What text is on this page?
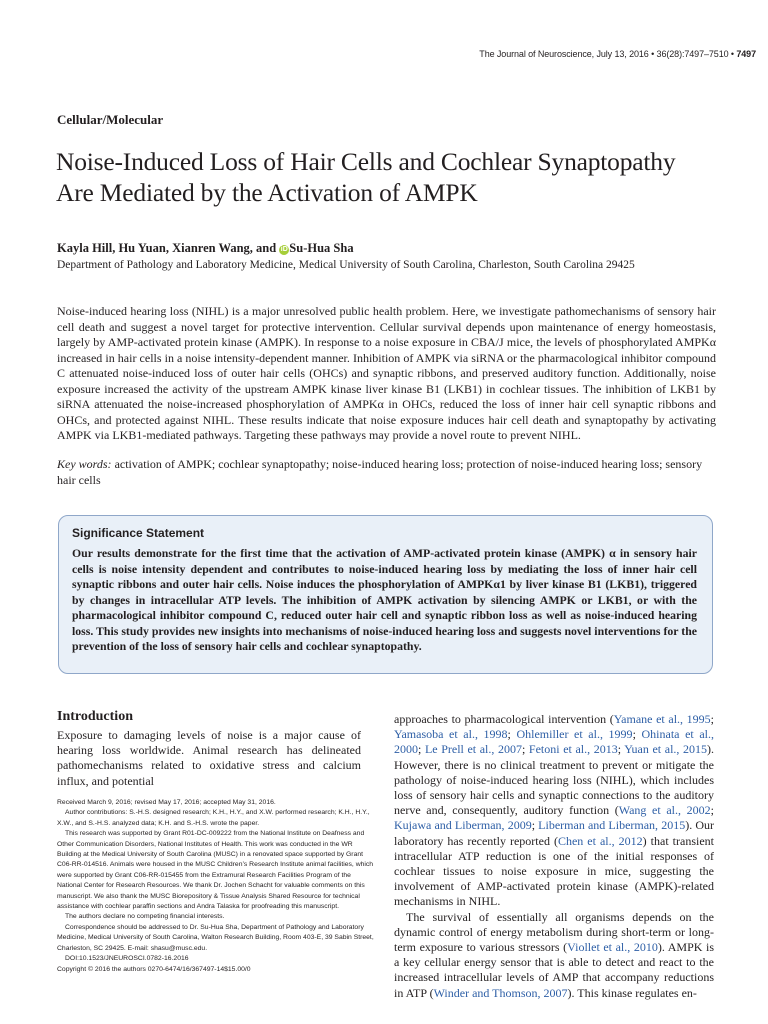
The Journal of Neuroscience, July 13, 2016 • 36(28):7497–7510 • 7497
Cellular/Molecular
Noise-Induced Loss of Hair Cells and Cochlear Synaptopathy
Are Mediated by the Activation of AMPK
Kayla Hill, Hu Yuan, Xianren Wang, and iD Su-Hua Sha
Department of Pathology and Laboratory Medicine, Medical University of South Carolina, Charleston, South Carolina 29425

Noise-induced hearing loss (NIHL) is a major unresolved public health problem. Here, we investigate pathomechanisms of sensory hair cell death and suggest a novel target for protective intervention. Cellular survival depends upon maintenance of energy homeostasis, largely by AMP-activated protein kinase (AMPK). In response to a noise exposure in CBA/J mice, the levels of phosphorylated AMPKα increased in hair cells in a noise intensity-dependent manner. Inhibition of AMPK via siRNA or the pharmacological inhibitor compound C attenuated noise-induced loss of outer hair cells (OHCs) and synaptic ribbons, and preserved auditory function. Additionally, noise exposure increased the activity of the upstream AMPK kinase liver kinase B1 (LKB1) in cochlear tissues. The inhibition of LKB1 by siRNA attenuated the noise-increased phosphorylation of AMPKα in OHCs, reduced the loss of inner hair cell synaptic ribbons and OHCs, and protected against NIHL. These results indicate that noise exposure induces hair cell death and synaptopathy by activating AMPK via LKB1-mediated pathways. Targeting these pathways may provide a novel route to prevent NIHL.

Key words: activation of AMPK; cochlear synaptopathy; noise-induced hearing loss; protection of noise-induced hearing loss; sensory hair cells

Significance Statement

Our results demonstrate for the first time that the activation of AMP-activated protein kinase (AMPK) α in sensory hair cells is noise intensity dependent and contributes to noise-induced hearing loss by mediating the loss of inner hair cell synaptic ribbons and outer hair cells. Noise induces the phosphorylation of AMPKα1 by liver kinase B1 (LKB1), triggered by changes in intracellular ATP levels. The inhibition of AMPK activation by silencing AMPK or LKB1, or with the pharmacological inhibitor compound C, reduced outer hair cell and synaptic ribbon loss as well as noise-induced hearing loss. This study provides new insights into mechanisms of noise-induced hearing loss and suggests novel interventions for the prevention of the loss of sensory hair cells and cochlear synaptopathy.

Introduction

Exposure to damaging levels of noise is a major cause of hearing loss worldwide. Animal research has delineated pathomechanisms related to oxidative stress and calcium influx, and potential

Received March 9, 2016; revised May 17, 2016; accepted May 31, 2016.

Author contributions: S.-H.S. designed research; K.H., H.Y., and X.W. performed research; K.H., H.Y., X.W., and S.-H.S. analyzed data; K.H. and S.-H.S. wrote the paper.

This research was supported by Grant R01-DC-009222 from the National Institute on Deafness and Other Communication Disorders, National Institutes of Health. This work was conducted in the WR Building at the Medical University of South Carolina (MUSC) in a renovated space supported by Grant C06-RR-014516. Animals were housed in the MUSC Children’s Research Institute animal facilities, which were supported by Grant C06-RR-015455 from the Extramural Research Facilities Program of the National Center for Research Resources. We thank Dr. Jochen Schacht for valuable comments on this manuscript. We also thank the MUSC Biorepository & Tissue Analysis Shared Resource for technical assistance with cochlear paraffin sections and Andra Talaska for proofreading this manuscript.

The authors declare no competing financial interests.

Correspondence should be addressed to Dr. Su-Hua Sha, Department of Pathology and Laboratory Medicine, Medical University of South Carolina, Walton Research Building, Room 403-E, 39 Sabin Street, Charleston, SC 29425. E-mail: shasu@musc.edu.

DOI:10.1523/JNEUROSCI.0782-16.2016

Copyright © 2016 the authors 0270-6474/16/367497-14$15.00/0

approaches to pharmacological intervention (Yamane et al., 1995; Yamasoba et al., 1998; Ohlemiller et al., 1999; Ohinata et al., 2000; Le Prell et al., 2007; Fetoni et al., 2013; Yuan et al., 2015). However, there is no clinical treatment to prevent or mitigate the pathology of noise-induced hearing loss (NIHL), which includes loss of sensory hair cells and synaptic connections to the auditory nerve and, consequently, auditory function (Wang et al., 2002; Kujawa and Liberman, 2009; Liberman and Liberman, 2015). Our laboratory has recently reported (Chen et al., 2012) that transient intracellular ATP reduction is one of the initial responses of cochlear tissues to noise exposure in mice, suggesting the involvement of AMP-activated protein kinase (AMPK)-related mechanisms in NIHL.

The survival of essentially all organisms depends on the dynamic control of energy metabolism during short-term or long-term exposure to various stressors (Viollet et al., 2010). AMPK is a key cellular energy sensor that is able to detect and react to the increased intracellular levels of AMP that accompany reductions in ATP (Winder and Thomson, 2007). This kinase regulates en-
